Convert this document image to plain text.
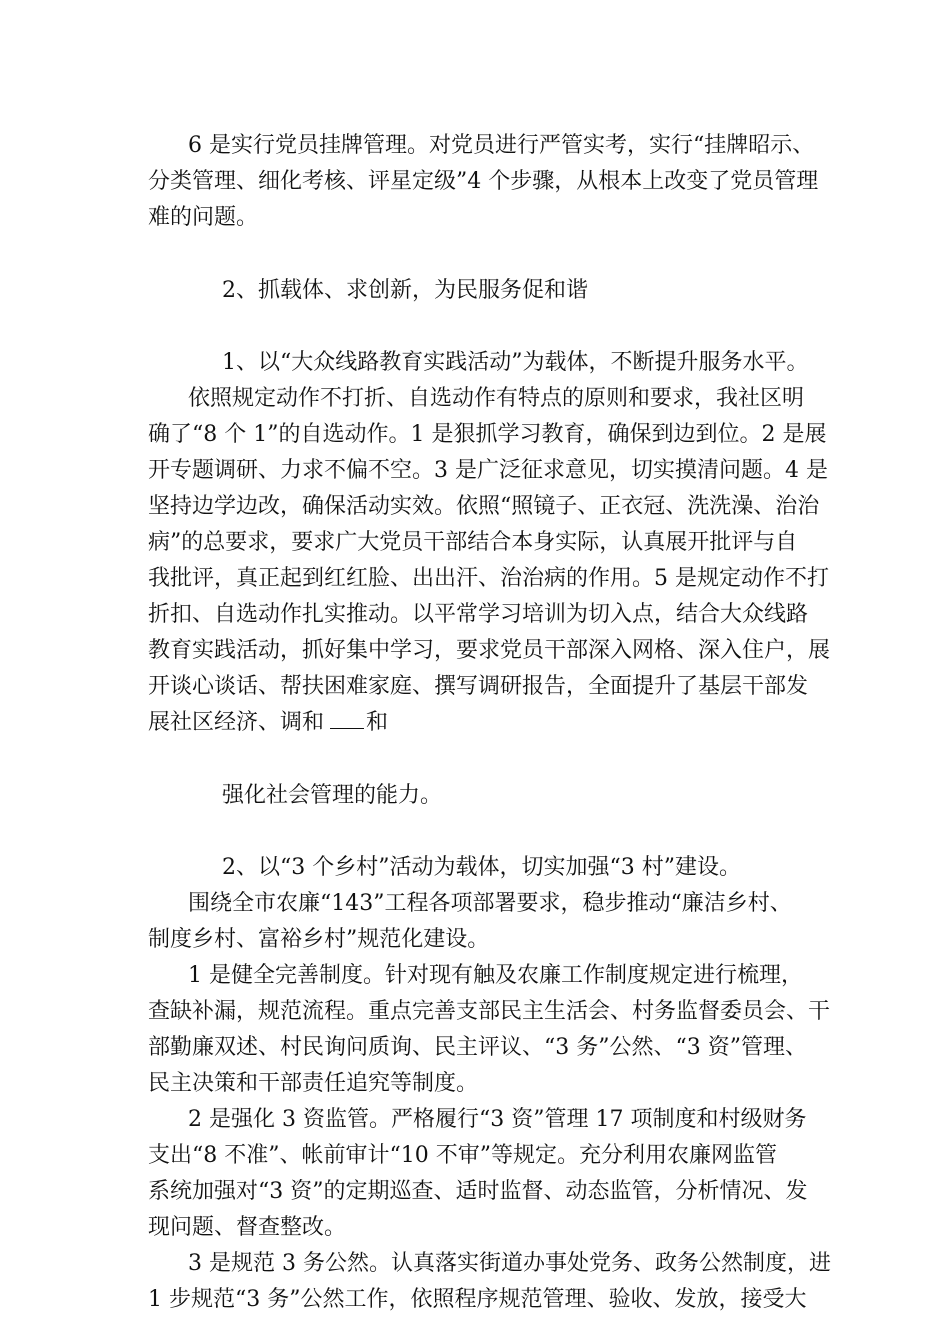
6 是实行党员挂牌管理。对党员进行严管实考，实行“挂牌昭示、
分类管理、细化考核、评星定级”4 个步骤，从根本上改变了党员管理
难的问题。
2、抓载体、求创新，为民服务促和谐
1、以“大众线路教育实践活动”为载体，不断提升服务水平。
依照规定动作不打折、自选动作有特点的原则和要求，我社区明
确了“8 个 1”的自选动作。1 是狠抓学习教育，确保到边到位。2 是展
开专题调研、力求不偏不空。3 是广泛征求意见，切实摸清问题。4 是
坚持边学边改，确保活动实效。依照“照镜子、正衣冠、洗洗澡、治治
病”的总要求，要求广大党员干部结合本身实际，认真展开批评与自
我批评，真正起到红红脸、出出汗、治治病的作用。5 是规定动作不打
折扣、自选动作扎实推动。以平常学习培训为切入点，结合大众线路
教育实践活动，抓好集中学习，要求党员干部深入网格、深入住户，展
开谈心谈话、帮扶困难家庭、撰写调研报告，全面提升了基层干部发
展社区经济、调和 和
强化社会管理的能力。
2、以“3 个乡村”活动为载体，切实加强“3 村”建设。
围绕全市农廉“143”工程各项部署要求，稳步推动“廉洁乡村、
制度乡村、富裕乡村”规范化建设。
1 是健全完善制度。针对现有触及农廉工作制度规定进行梳理，
查缺补漏，规范流程。重点完善支部民主生活会、村务监督委员会、干
部勤廉双述、村民询问质询、民主评议、“3 务”公然、“3 资”管理、
民主决策和干部责任追究等制度。
2 是强化 3 资监管。严格履行“3 资”管理 17 项制度和村级财务
支出“8 不准”、帐前审计“10 不审”等规定。充分利用农廉网监管
系统加强对“3 资”的定期巡查、适时监督、动态监管，分析情况、发
现问题、督查整改。
3 是规范 3 务公然。认真落实街道办事处党务、政务公然制度，进
1 步规范“3 务”公然工作，依照程序规范管理、验收、发放，接受大
